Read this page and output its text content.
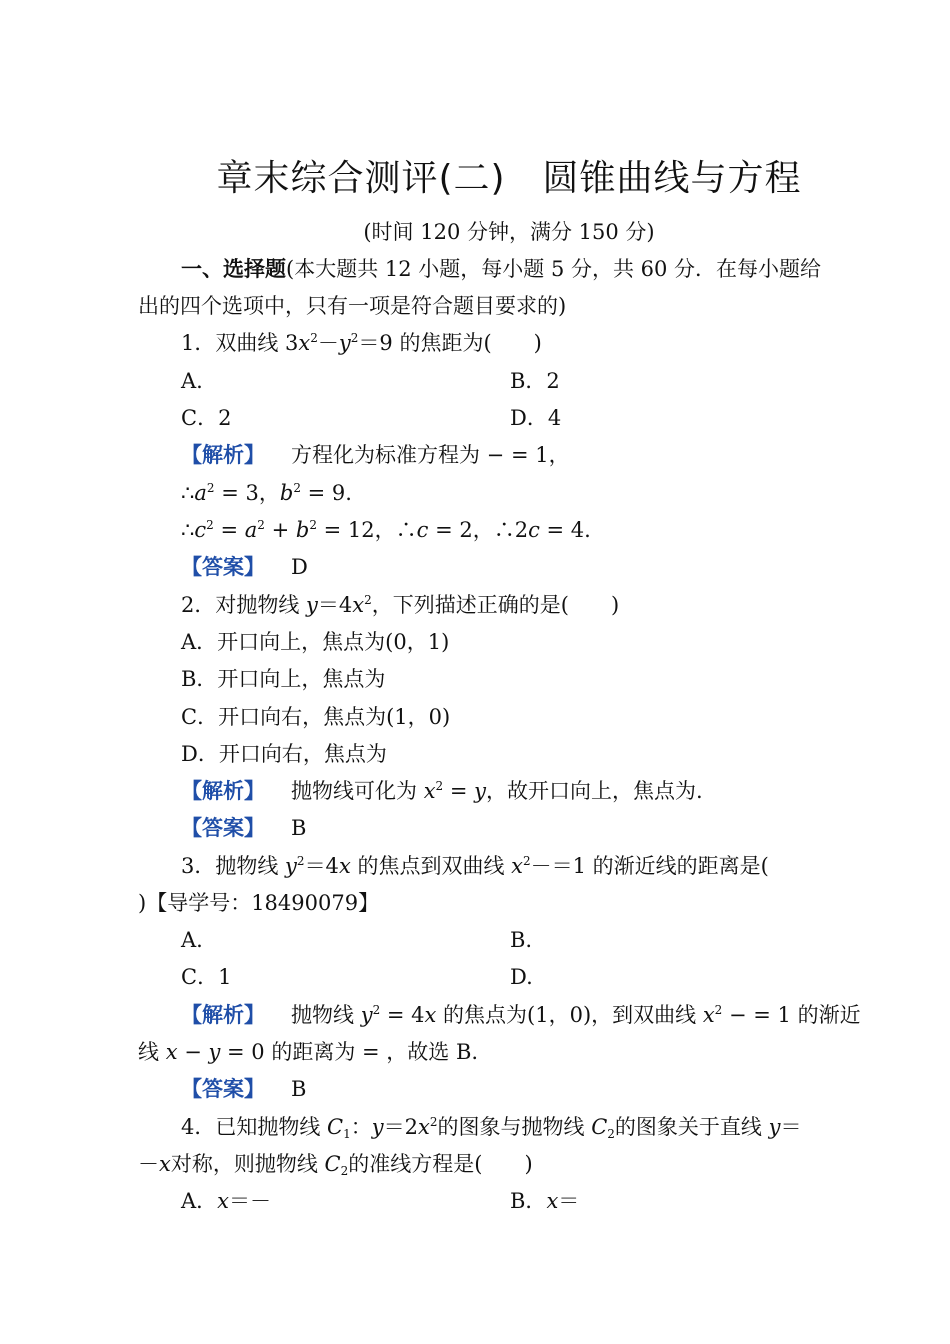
章末综合测评(二)　圆锥曲线与方程
(时间 120 分钟，满分 150 分)
一、选择题(本大题共 12 小题，每小题 5 分，共 60 分．在每小题给
出的四个选项中，只有一项是符合题目要求的)
1．双曲线 $3x^2-y^2=9$ 的焦距为(　　)
A.	B．2
C．2	D．4
【解析】 方程化为标准方程为 − = 1，
$\therefore a^2 = 3$，$b^2 = 9$.
$\therefore c^2 = a^2 + b^2 = 12$，∴c = 2，∴2c = 4.
【答案】 D
2．对抛物线 $y=4x^2$，下列描述正确的是(　　)
A．开口向上，焦点为(0，1)
B．开口向上，焦点为
C．开口向右，焦点为(1，0)
D．开口向右，焦点为
【解析】 抛物线可化为 $x^2 = y$，故开口向上，焦点为.
【答案】 B
3．抛物线 $y^2=4x$ 的焦点到双曲线 $x^2-=1$ 的渐近线的距离是(
)【导学号：18490079】
A.	B.
C．1	D.
【解析】 抛物线 $y^2 = 4x$ 的焦点为(1，0)，到双曲线 $x^2$ − = 1 的渐近
线 x − y = 0 的距离为 = ，故选 B.
【答案】 B
4．已知抛物线 $C_1$：$y=2x^2$的图象与抛物线 $C_2$的图象关于直线 y＝
－x对称，则抛物线 $C_2$的准线方程是(　　)
A．x＝－	B．x＝
